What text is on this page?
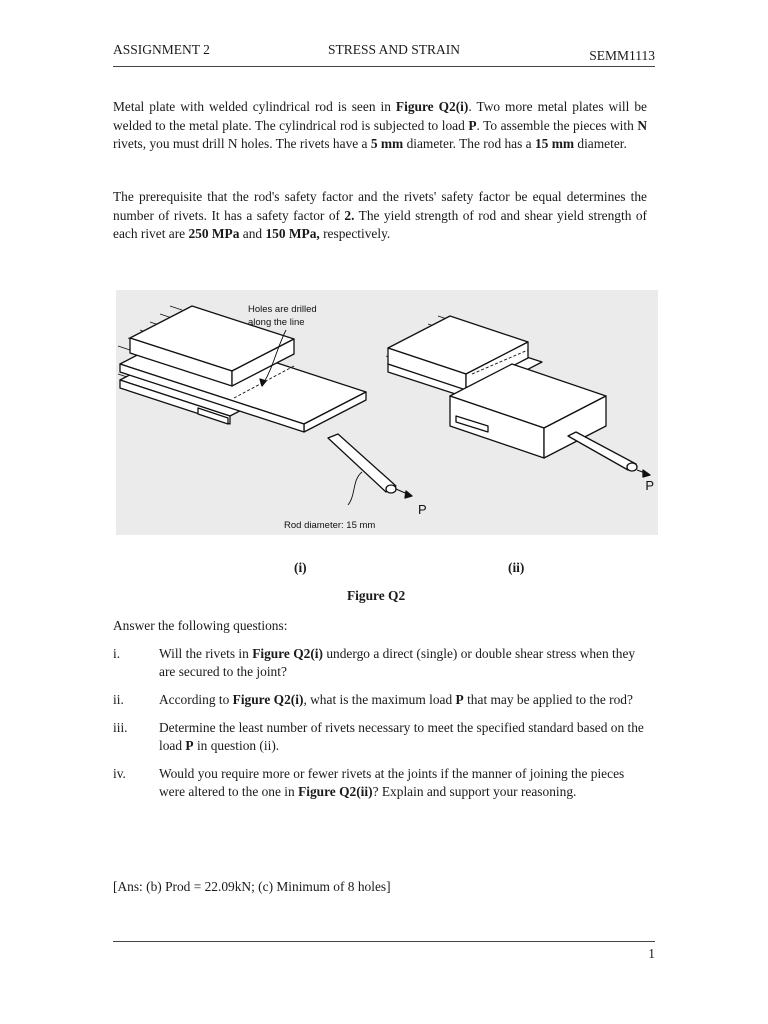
ASSIGNMENT 2	STRESS AND STRAIN	SEMM1113

Metal plate with welded cylindrical rod is seen in Figure Q2(i). Two more metal plates will be welded to the metal plate. The cylindrical rod is subjected to load P. To assemble the pieces with N rivets, you must drill N holes. The rivets have a 5 mm diameter. The rod has a 15 mm diameter.

The prerequisite that the rod's safety factor and the rivets' safety factor be equal determines the number of rivets. It has a safety factor of 2. The yield strength of rod and shear yield strength of each rivet are 250 MPa and 150 MPa, respectively.

Holes are drilled
along the line
Rod diameter: 15 mm
P
P
(i)	(ii)
Figure Q2
Answer the following questions:

i.	Will the rivets in Figure Q2(i) undergo a direct (single) or double shear stress when they are secured to the joint?

ii.	According to Figure Q2(i), what is the maximum load P that may be applied to the rod?

iii. Determine the least number of rivets necessary to meet the specified standard based on the load P in question (ii).

iv. Would you require more or fewer rivets at the joints if the manner of joining the pieces were altered to the one in Figure Q2(ii)? Explain and support your reasoning.

[Ans: (b) Prod = 22.09kN; (c) Minimum of 8 holes]
1
